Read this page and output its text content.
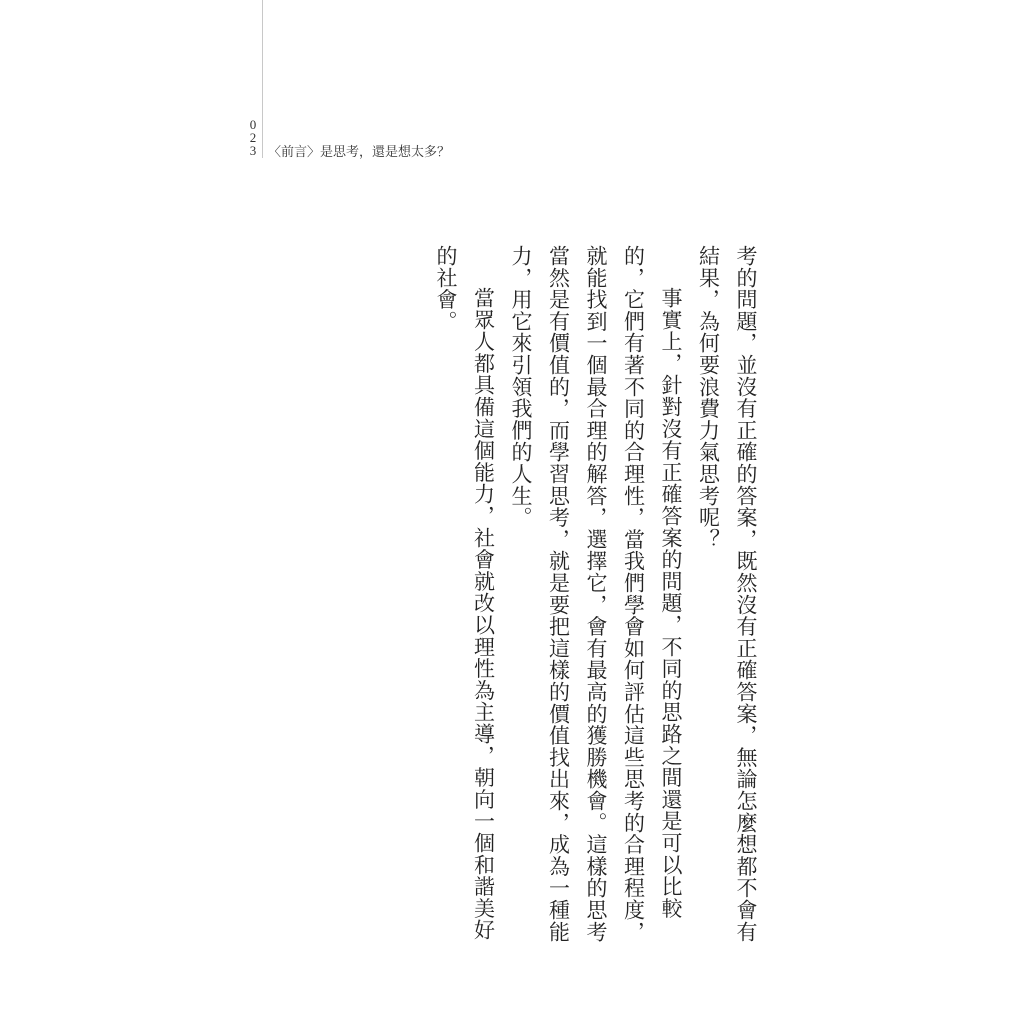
0
2
3 〈前言〉是思考，還是想太多？

考的問題，並沒有正確的答案，既然沒有正確答案，無論怎麼想都不會有結果，為何要浪費力氣思考呢？

事實上，針對沒有正確答案的問題，不同的思路之間還是可以比較的，它們有著不同的合理性，當我們學會如何評估這些思考的合理程度，就能找到一個最合理的解答，選擇它，會有最高的獲勝機會。這樣的思考當然是有價值的，而學習思考，就是要把這樣的價值找出來，成為一種能力，用它來引領我們的人生。

當眾人都具備這個能力，社會就改以理性為主導，朝向一個和諧美好的社會。
